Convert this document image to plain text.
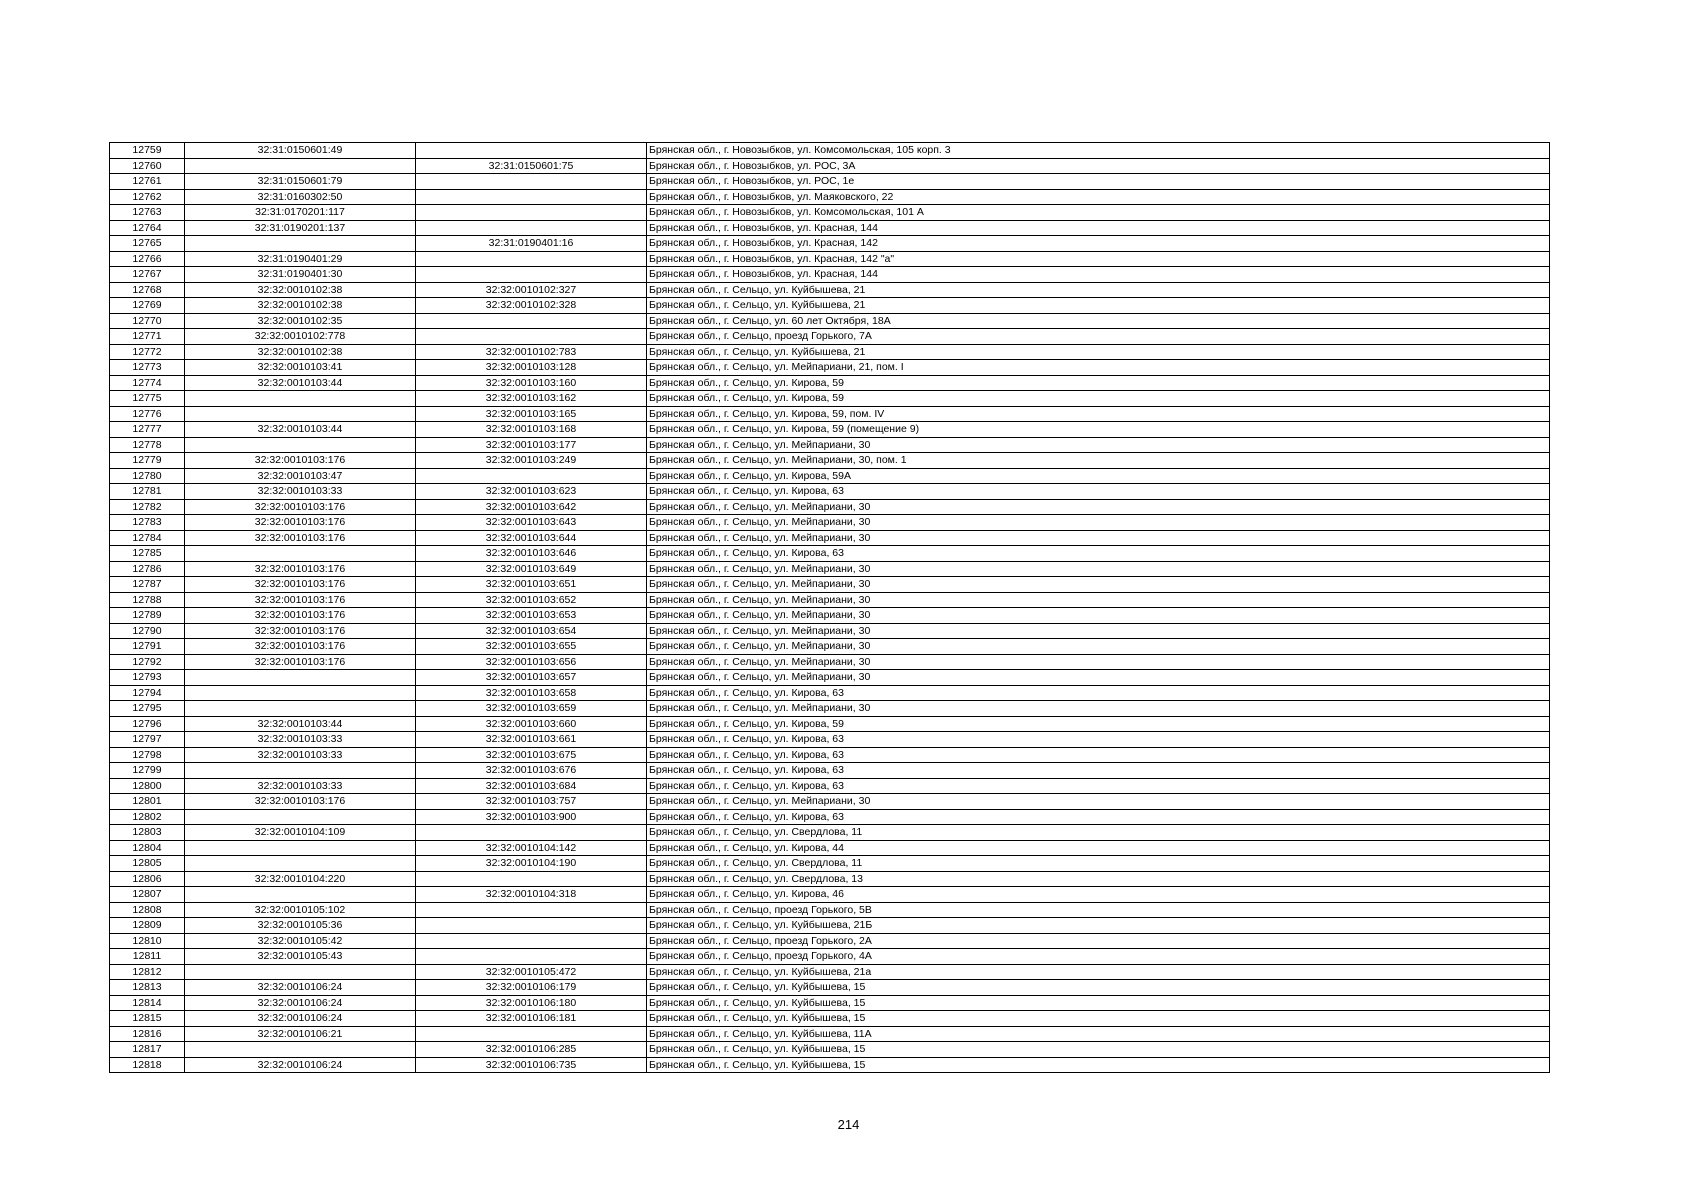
12759	32:31:0150601:49		Брянская обл., г. Новозыбков, ул. Комсомольская, 105 корп. 3
12760		32:31:0150601:75	Брянская обл., г. Новозыбков, ул. РОС, 3А
12761	32:31:0150601:79		Брянская обл., г. Новозыбков, ул. РОС, 1е
12762	32:31:0160302:50		Брянская обл., г. Новозыбков, ул. Маяковского, 22
12763	32:31:0170201:117		Брянская обл., г. Новозыбков, ул. Комсомольская, 101 А
12764	32:31:0190201:137		Брянская обл., г. Новозыбков, ул. Красная, 144
12765		32:31:0190401:16	Брянская обл., г. Новозыбков, ул. Красная, 142
12766	32:31:0190401:29		Брянская обл., г. Новозыбков, ул. Красная, 142 "а"
12767	32:31:0190401:30		Брянская обл., г. Новозыбков, ул. Красная, 144
12768	32:32:0010102:38	32:32:0010102:327	Брянская обл., г. Сельцо, ул. Куйбышева, 21
12769	32:32:0010102:38	32:32:0010102:328	Брянская обл., г. Сельцо, ул. Куйбышева, 21
12770	32:32:0010102:35		Брянская обл., г. Сельцо, ул. 60 лет Октября, 18А
12771	32:32:0010102:778		Брянская обл., г. Сельцо, проезд Горького, 7А
12772	32:32:0010102:38	32:32:0010102:783	Брянская обл., г. Сельцо, ул. Куйбышева, 21
12773	32:32:0010103:41	32:32:0010103:128	Брянская обл., г. Сельцо, ул. Мейпариани, 21, пом. I
12774	32:32:0010103:44	32:32:0010103:160	Брянская обл., г. Сельцо, ул. Кирова, 59
12775		32:32:0010103:162	Брянская обл., г. Сельцо, ул. Кирова, 59
12776		32:32:0010103:165	Брянская обл., г. Сельцо, ул. Кирова, 59, пом. IV
12777	32:32:0010103:44	32:32:0010103:168	Брянская обл., г. Сельцо, ул. Кирова, 59 (помещение 9)
12778		32:32:0010103:177	Брянская обл., г. Сельцо, ул. Мейпариани, 30
12779	32:32:0010103:176	32:32:0010103:249	Брянская обл., г. Сельцо, ул. Мейпариани, 30, пом. 1
12780	32:32:0010103:47		Брянская обл., г. Сельцо, ул. Кирова, 59А
12781	32:32:0010103:33	32:32:0010103:623	Брянская обл., г. Сельцо, ул. Кирова, 63
12782	32:32:0010103:176	32:32:0010103:642	Брянская обл., г. Сельцо, ул. Мейпариани, 30
12783	32:32:0010103:176	32:32:0010103:643	Брянская обл., г. Сельцо, ул. Мейпариани, 30
12784	32:32:0010103:176	32:32:0010103:644	Брянская обл., г. Сельцо, ул. Мейпариани, 30
12785		32:32:0010103:646	Брянская обл., г. Сельцо, ул. Кирова, 63
12786	32:32:0010103:176	32:32:0010103:649	Брянская обл., г. Сельцо, ул. Мейпариани, 30
12787	32:32:0010103:176	32:32:0010103:651	Брянская обл., г. Сельцо, ул. Мейпариани, 30
12788	32:32:0010103:176	32:32:0010103:652	Брянская обл., г. Сельцо, ул. Мейпариани, 30
12789	32:32:0010103:176	32:32:0010103:653	Брянская обл., г. Сельцо, ул. Мейпариани, 30
12790	32:32:0010103:176	32:32:0010103:654	Брянская обл., г. Сельцо, ул. Мейпариани, 30
12791	32:32:0010103:176	32:32:0010103:655	Брянская обл., г. Сельцо, ул. Мейпариани, 30
12792	32:32:0010103:176	32:32:0010103:656	Брянская обл., г. Сельцо, ул. Мейпариани, 30
12793		32:32:0010103:657	Брянская обл., г. Сельцо, ул. Мейпариани, 30
12794		32:32:0010103:658	Брянская обл., г. Сельцо, ул. Кирова, 63
12795		32:32:0010103:659	Брянская обл., г. Сельцо, ул. Мейпариани, 30
12796	32:32:0010103:44	32:32:0010103:660	Брянская обл., г. Сельцо, ул. Кирова, 59
12797	32:32:0010103:33	32:32:0010103:661	Брянская обл., г. Сельцо, ул. Кирова, 63
12798	32:32:0010103:33	32:32:0010103:675	Брянская обл., г. Сельцо, ул. Кирова, 63
12799		32:32:0010103:676	Брянская обл., г. Сельцо, ул. Кирова, 63
12800	32:32:0010103:33	32:32:0010103:684	Брянская обл., г. Сельцо, ул. Кирова, 63
12801	32:32:0010103:176	32:32:0010103:757	Брянская обл., г. Сельцо, ул. Мейпариани, 30
12802		32:32:0010103:900	Брянская обл., г. Сельцо, ул. Кирова, 63
12803	32:32:0010104:109		Брянская обл., г. Сельцо, ул. Свердлова, 11
12804		32:32:0010104:142	Брянская обл., г. Сельцо, ул. Кирова, 44
12805		32:32:0010104:190	Брянская обл., г. Сельцо, ул. Свердлова, 11
12806	32:32:0010104:220		Брянская обл., г. Сельцо, ул. Свердлова, 13
12807		32:32:0010104:318	Брянская обл., г. Сельцо, ул. Кирова, 46
12808	32:32:0010105:102		Брянская обл., г. Сельцо, проезд Горького, 5В
12809	32:32:0010105:36		Брянская обл., г. Сельцо, ул. Куйбышева, 21Б
12810	32:32:0010105:42		Брянская обл., г. Сельцо, проезд Горького, 2А
12811	32:32:0010105:43		Брянская обл., г. Сельцо, проезд Горького, 4А
12812		32:32:0010105:472	Брянская обл., г. Сельцо, ул. Куйбышева, 21а
12813	32:32:0010106:24	32:32:0010106:179	Брянская обл., г. Сельцо, ул. Куйбышева, 15
12814	32:32:0010106:24	32:32:0010106:180	Брянская обл., г. Сельцо, ул. Куйбышева, 15
12815	32:32:0010106:24	32:32:0010106:181	Брянская обл., г. Сельцо, ул. Куйбышева, 15
12816	32:32:0010106:21		Брянская обл., г. Сельцо, ул. Куйбышева, 11А
12817		32:32:0010106:285	Брянская обл., г. Сельцо, ул. Куйбышева, 15
12818	32:32:0010106:24	32:32:0010106:735	Брянская обл., г. Сельцо, ул. Куйбышева, 15
214
